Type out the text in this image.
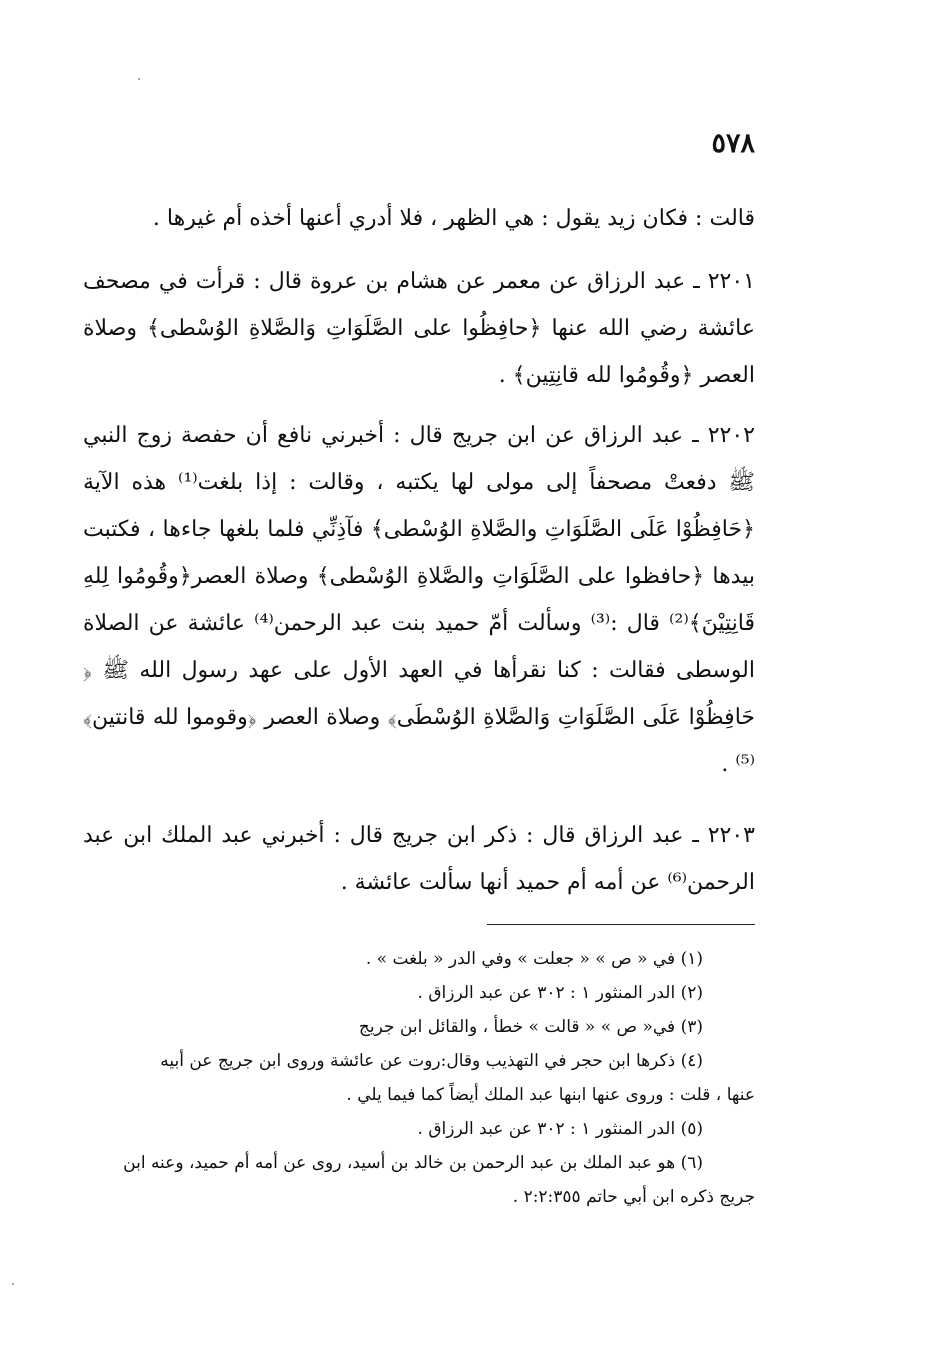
٥٧٨

قالت : فكان زيد يقول : هي الظهر ، فلا أدري أعنها أخذه أم غيرها .

٢٢٠١ ـ عبد الرزاق عن معمر عن هشام بن عروة قال : قرأت في مصحف عائشة رضي الله عنها ﴿حافِظُوا على الصَّلَوَاتِ وَالصَّلاةِ الوُسْطى﴾ وصلاة العصر ﴿وقُومُوا لله قانِتِين﴾ .

٢٢٠٢ ـ عبد الرزاق عن ابن جريج قال : أخبرني نافع أن حفصة زوج النبي ﷺ دفعتْ مصحفاً إلى مولى لها يكتبه ، وقالت : إذا بلغت⁽¹⁾ هذه الآية ﴿حَافِظُوْا عَلَى الصَّلَوَاتِ والصَّلاةِ الوُسْطى﴾ فآذِنِّي فلما بلغها جاءها ، فكتبت بيدها ﴿حافظوا على الصَّلَوَاتِ والصَّلاةِ الوُسْطى﴾ وصلاة العصر﴿وقُومُوا لِلهِ قَانِتِيْنَ﴾⁽²⁾ قال :⁽³⁾ وسألت أمّ حميد بنت عبد الرحمن⁽⁴⁾ عائشة عن الصلاة الوسطى فقالت : كنا نقرأها في العهد الأول على عهد رسول الله ﷺ ﴿ حَافِظُوْا عَلَى الصَّلَوَاتِ وَالصَّلاةِ الوُسْطَى﴾ وصلاة العصر ﴿وقوموا لله قانتين﴾⁽⁵⁾ .

٢٢٠٣ ـ عبد الرزاق قال : ذكر ابن جريج قال : أخبرني عبد الملك ابن عبد الرحمن⁽⁶⁾ عن أمه أم حميد أنها سألت عائشة .

(١) في « ص » « جعلت » وفي الدر « بلغت » .
(٢) الدر المنثور ١ : ٣٠٢ عن عبد الرزاق .
(٣) في« ص » « قالت » خطأ ، والقائل ابن جريج
(٤) ذكرها ابن حجر في التهذيب وقال:روت عن عائشة وروى ابن جريج عن أبيه
عنها ، قلت : وروى عنها ابنها عبد الملك أيضاً كما فيما يلي .
(٥) الدر المنثور ١ : ٣٠٢ عن عبد الرزاق .
(٦) هو عبد الملك بن عبد الرحمن بن خالد بن أسيد، روى عن أمه أم حميد، وعنه ابن
جريج ذكره ابن أبي حاتم ٢:٢:٣٥٥ .
